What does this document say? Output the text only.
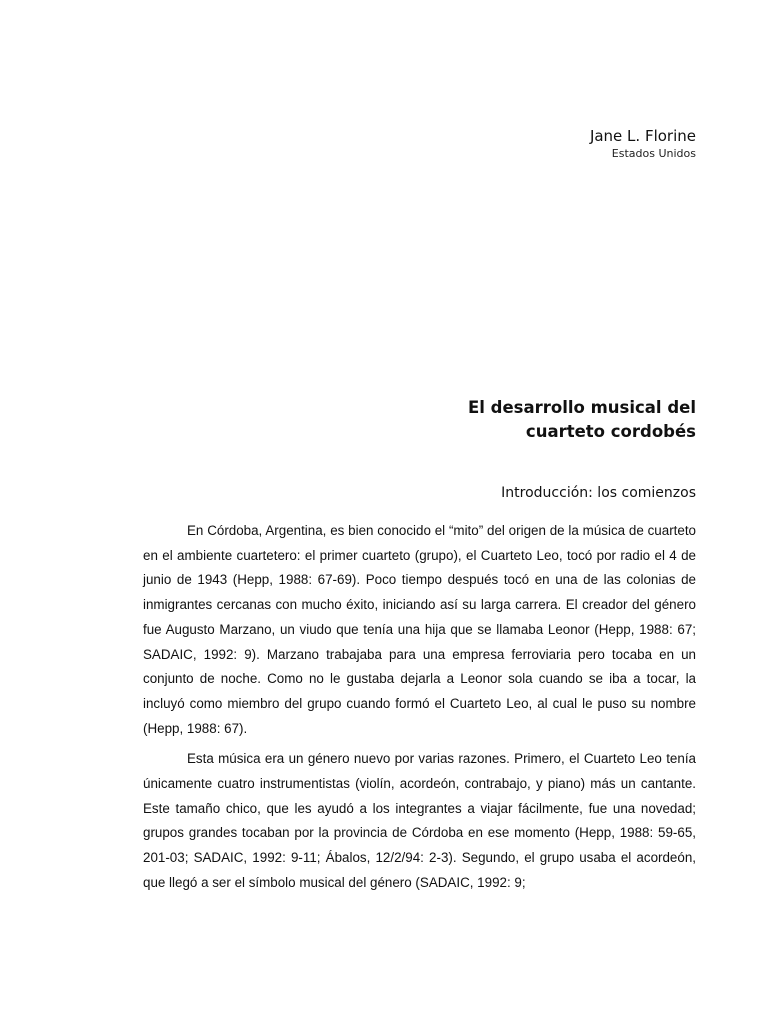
Jane L. Florine
Estados Unidos
El desarrollo musical del
cuarteto cordobés
Introducción: los comienzos

En Córdoba, Argentina, es bien conocido el “mito” del origen de la música de cuarteto en el ambiente cuartetero: el primer cuarteto (grupo), el Cuarteto Leo, tocó por radio el 4 de junio de 1943 (Hepp, 1988: 67-69). Poco tiempo después tocó en una de las colonias de inmigrantes cercanas con mucho éxito, iniciando así su larga carrera. El creador del género fue Augusto Marzano, un viudo que tenía una hija que se llamaba Leonor (Hepp, 1988: 67; SADAIC, 1992: 9). Marzano trabajaba para una empresa ferroviaria pero tocaba en un conjunto de noche. Como no le gustaba dejarla a Leonor sola cuando se iba a tocar, la incluyó como miembro del grupo cuando formó el Cuarteto Leo, al cual le puso su nombre (Hepp, 1988: 67).

Esta música era un género nuevo por varias razones. Primero, el Cuarteto Leo tenía únicamente cuatro instrumentistas (violín, acordeón, contrabajo, y piano) más un cantante. Este tamaño chico, que les ayudó a los integrantes a viajar fácilmente, fue una novedad; grupos grandes tocaban por la provincia de Córdoba en ese momento (Hepp, 1988: 59-65, 201-03; SADAIC, 1992: 9-11; Ábalos, 12/2/94: 2-3). Segundo, el grupo usaba el acordeón, que llegó a ser el símbolo musical del género (SADAIC, 1992: 9;
